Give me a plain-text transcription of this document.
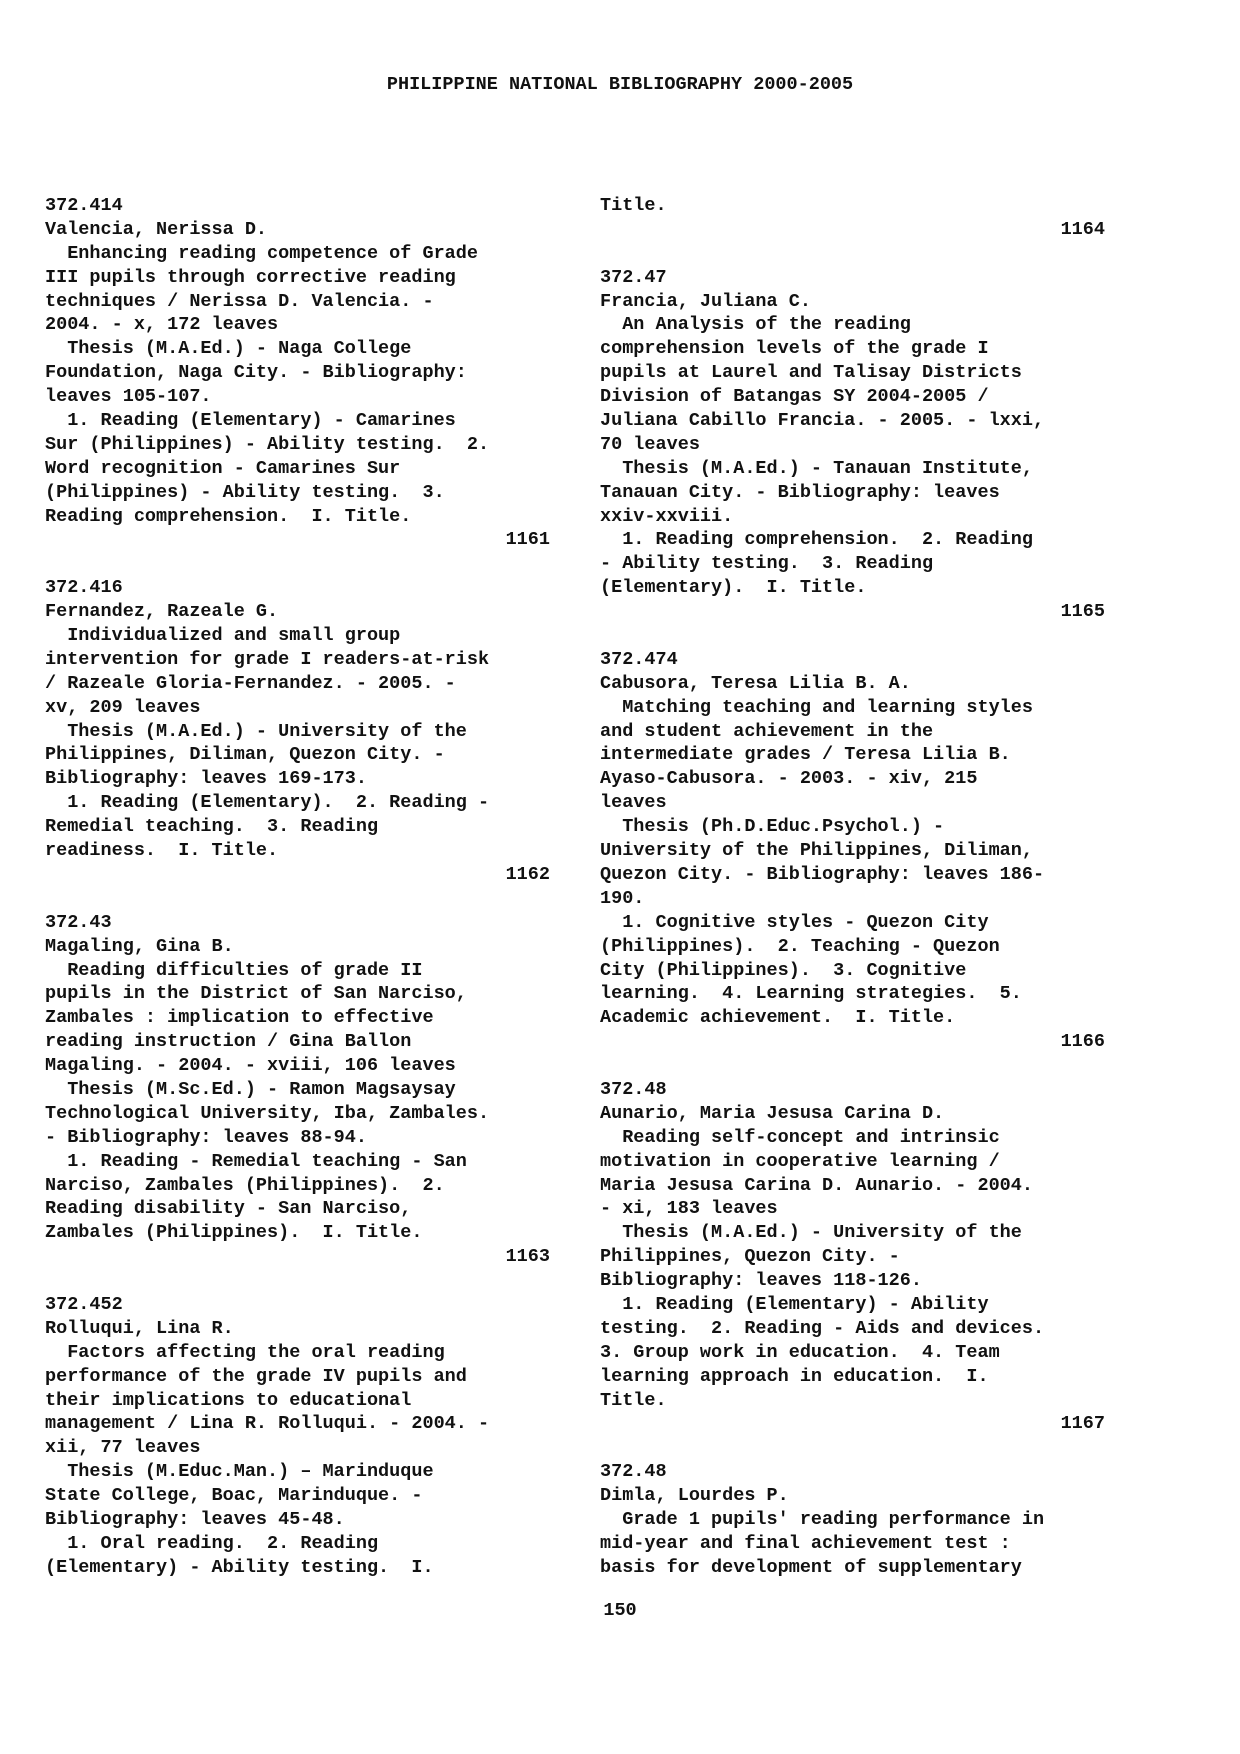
PHILIPPINE NATIONAL BIBLIOGRAPHY 2000-2005
372.414
Valencia, Nerissa D.
Enhancing reading competence of Grade
III pupils through corrective reading
techniques / Nerissa D. Valencia. -
2004. - x, 172 leaves
Thesis (M.A.Ed.) - Naga College
Foundation, Naga City. - Bibliography:
leaves 105-107.
1. Reading (Elementary) - Camarines
Sur (Philippines) - Ability testing.  2.
Word recognition - Camarines Sur
(Philippines) - Ability testing.  3.
Reading comprehension.  I. Title.
1161
372.416
Fernandez, Razeale G.
Individualized and small group
intervention for grade I readers-at-risk
/ Razeale Gloria-Fernandez. - 2005. -
xv, 209 leaves
Thesis (M.A.Ed.) - University of the
Philippines, Diliman, Quezon City. -
Bibliography: leaves 169-173.
1. Reading (Elementary).  2. Reading -
Remedial teaching.  3. Reading
readiness.  I. Title.
1162
372.43
Magaling, Gina B.
Reading difficulties of grade II
pupils in the District of San Narciso,
Zambales : implication to effective
reading instruction / Gina Ballon
Magaling. - 2004. - xviii, 106 leaves
Thesis (M.Sc.Ed.) - Ramon Magsaysay
Technological University, Iba, Zambales.
- Bibliography: leaves 88-94.
1. Reading - Remedial teaching - San
Narciso, Zambales (Philippines).  2.
Reading disability - San Narciso,
Zambales (Philippines).  I. Title.
1163
372.452
Rolluqui, Lina R.
Factors affecting the oral reading
performance of the grade IV pupils and
their implications to educational
management / Lina R. Rolluqui. - 2004. -
xii, 77 leaves
Thesis (M.Educ.Man.) – Marinduque
State College, Boac, Marinduque. -
Bibliography: leaves 45-48.
1. Oral reading.  2. Reading
(Elementary) - Ability testing.  I.
Title.
1164
372.47
Francia, Juliana C.
An Analysis of the reading
comprehension levels of the grade I
pupils at Laurel and Talisay Districts
Division of Batangas SY 2004-2005 /
Juliana Cabillo Francia. - 2005. - lxxi,
70 leaves
Thesis (M.A.Ed.) - Tanauan Institute,
Tanauan City. - Bibliography: leaves
xxiv-xxviii.
1. Reading comprehension.  2. Reading
- Ability testing.  3. Reading
(Elementary).  I. Title.
1165
372.474
Cabusora, Teresa Lilia B. A.
Matching teaching and learning styles
and student achievement in the
intermediate grades / Teresa Lilia B.
Ayaso-Cabusora. - 2003. - xiv, 215
leaves
Thesis (Ph.D.Educ.Psychol.) -
University of the Philippines, Diliman,
Quezon City. - Bibliography: leaves 186-
190.
1. Cognitive styles - Quezon City
(Philippines).  2. Teaching - Quezon
City (Philippines).  3. Cognitive
learning.  4. Learning strategies.  5.
Academic achievement.  I. Title.
1166
372.48
Aunario, Maria Jesusa Carina D.
Reading self-concept and intrinsic
motivation in cooperative learning /
Maria Jesusa Carina D. Aunario. - 2004.
- xi, 183 leaves
Thesis (M.A.Ed.) - University of the
Philippines, Quezon City. -
Bibliography: leaves 118-126.
1. Reading (Elementary) - Ability
testing.  2. Reading - Aids and devices.
3. Group work in education.  4. Team
learning approach in education.  I.
Title.
1167
372.48
Dimla, Lourdes P.
Grade 1 pupils' reading performance in
mid-year and final achievement test :
basis for development of supplementary
150
